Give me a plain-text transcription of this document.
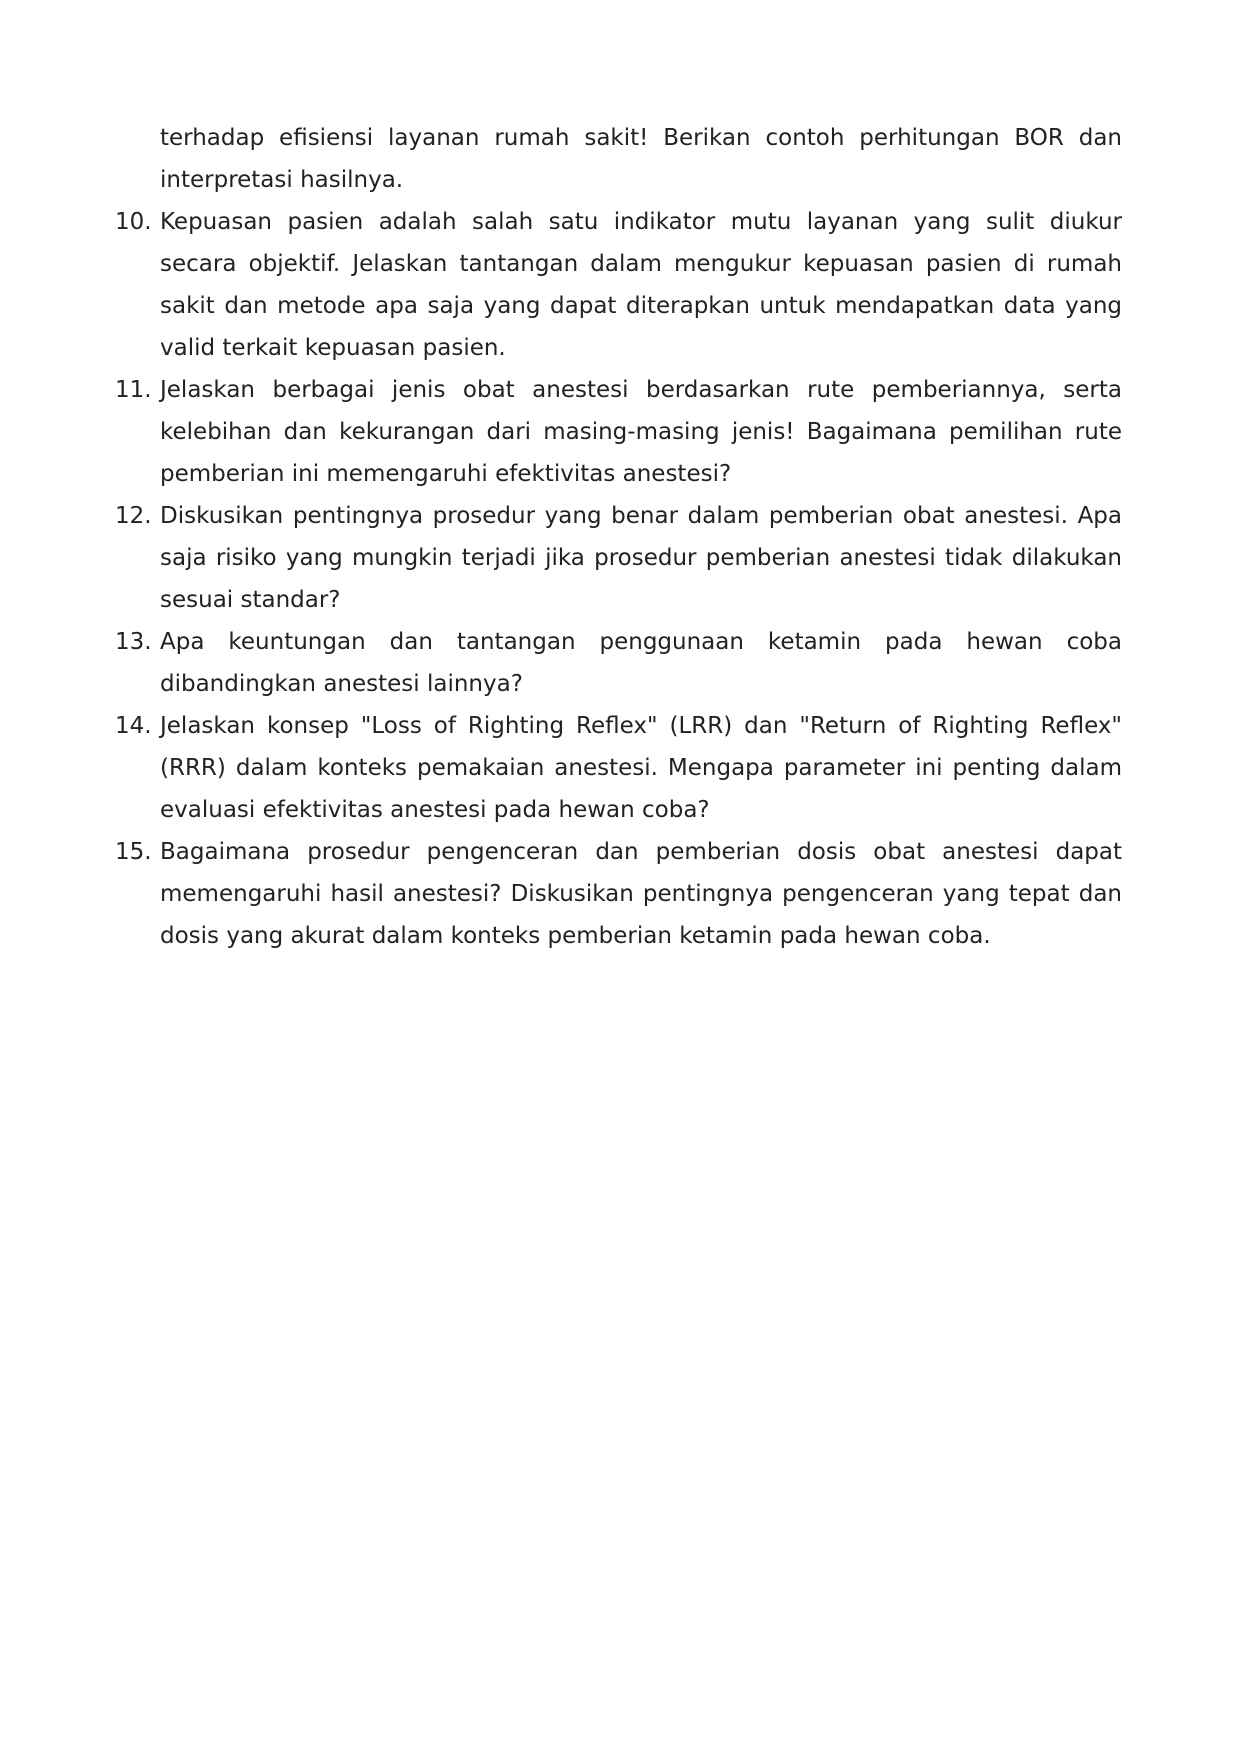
terhadap efisiensi layanan rumah sakit! Berikan contoh perhitungan BOR dan interpretasi hasilnya.

10. Kepuasan pasien adalah salah satu indikator mutu layanan yang sulit diukur secara objektif. Jelaskan tantangan dalam mengukur kepuasan pasien di rumah sakit dan metode apa saja yang dapat diterapkan untuk mendapatkan data yang valid terkait kepuasan pasien.
11. Jelaskan berbagai jenis obat anestesi berdasarkan rute pemberiannya, serta kelebihan dan kekurangan dari masing-masing jenis! Bagaimana pemilihan rute pemberian ini memengaruhi efektivitas anestesi?
12. Diskusikan pentingnya prosedur yang benar dalam pemberian obat anestesi. Apa saja risiko yang mungkin terjadi jika prosedur pemberian anestesi tidak dilakukan sesuai standar?
13. Apa keuntungan dan tantangan penggunaan ketamin pada hewan coba dibandingkan anestesi lainnya?
14. Jelaskan konsep "Loss of Righting Reflex" (LRR) dan "Return of Righting Reflex" (RRR) dalam konteks pemakaian anestesi. Mengapa parameter ini penting dalam evaluasi efektivitas anestesi pada hewan coba?
15. Bagaimana prosedur pengenceran dan pemberian dosis obat anestesi dapat memengaruhi hasil anestesi? Diskusikan pentingnya pengenceran yang tepat dan dosis yang akurat dalam konteks pemberian ketamin pada hewan coba.
